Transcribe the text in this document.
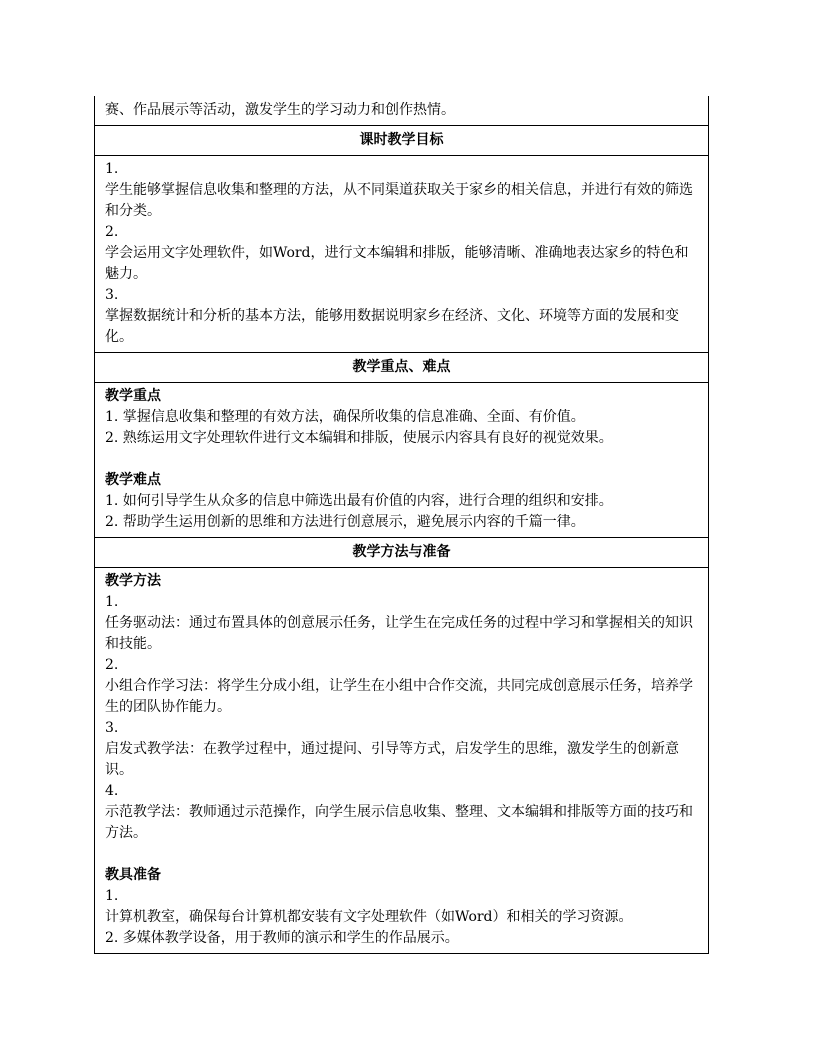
赛、作品展示等活动，激发学生的学习动力和创作热情。
课时教学目标
1.
学生能够掌握信息收集和整理的方法，从不同渠道获取关于家乡的相关信息，并进行有效的筛选和分类。
2.
学会运用文字处理软件，如Word，进行文本编辑和排版，能够清晰、准确地表达家乡的特色和魅力。
3.
掌握数据统计和分析的基本方法，能够用数据说明家乡在经济、文化、环境等方面的发展和变化。
教学重点、难点
教学重点
1. 掌握信息收集和整理的有效方法，确保所收集的信息准确、全面、有价值。
2. 熟练运用文字处理软件进行文本编辑和排版，使展示内容具有良好的视觉效果。
教学难点
1. 如何引导学生从众多的信息中筛选出最有价值的内容，进行合理的组织和安排。
2. 帮助学生运用创新的思维和方法进行创意展示，避免展示内容的千篇一律。
教学方法与准备
教学方法
1.
任务驱动法：通过布置具体的创意展示任务，让学生在完成任务的过程中学习和掌握相关的知识和技能。
2.
小组合作学习法：将学生分成小组，让学生在小组中合作交流，共同完成创意展示任务，培养学生的团队协作能力。
3.
启发式教学法：在教学过程中，通过提问、引导等方式，启发学生的思维，激发学生的创新意识。
4.
示范教学法：教师通过示范操作，向学生展示信息收集、整理、文本编辑和排版等方面的技巧和方法。
教具准备
1.
计算机教室，确保每台计算机都安装有文字处理软件（如Word）和相关的学习资源。
2. 多媒体教学设备，用于教师的演示和学生的作品展示。
